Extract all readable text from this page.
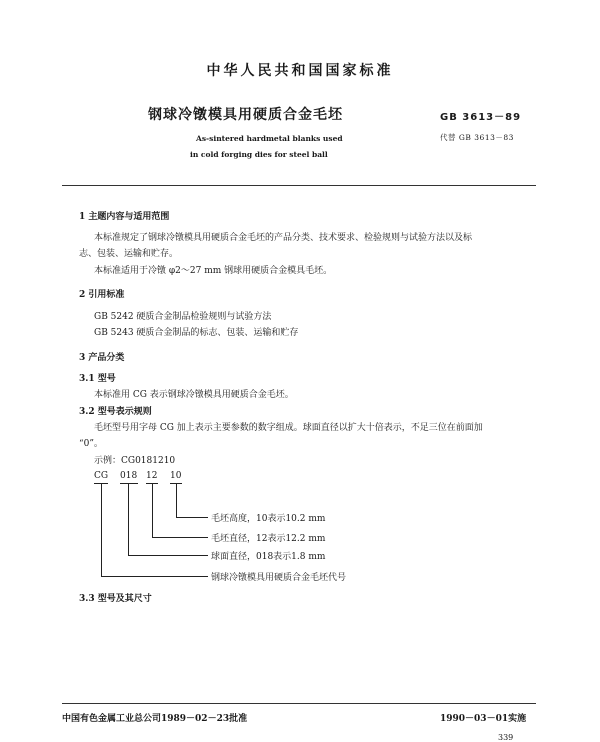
中华人民共和国国家标准
钢球冷镦模具用硬质合金毛坯	GB 3613－89
As-sintered hardmetal blanks used
in cold forging dies for steel ball
代替 GB 3613－83
1 主题内容与适用范围
本标准规定了钢球冷镦模具用硬质合金毛坯的产品分类、技术要求、检验规则与试验方法以及标
志、包装、运输和贮存。
本标准适用于冷镦 φ2～27 mm 钢球用硬质合金模具毛坯。
2 引用标准
GB 5242 硬质合金制品检验规则与试验方法
GB 5243 硬质合金制品的标志、包装、运输和贮存
3 产品分类
3.1 型号
本标准用 CG 表示钢球冷镦模具用硬质合金毛坯。
3.2 型号表示规则
毛坯型号用字母 CG 加上表示主要参数的数字组成。球面直径以扩大十倍表示，不足三位在前面加
“0”。
示例：CG0181210
CG 018 12 10
毛坯高度，10表示10.2 mm
毛坯直径，12表示12.2 mm
球面直径，018表示1.8 mm
钢球冷镦模具用硬质合金毛坯代号
3.3 型号及其尺寸
中国有色金属工业总公司1989－02－23批准	1990－03－01实施
339
